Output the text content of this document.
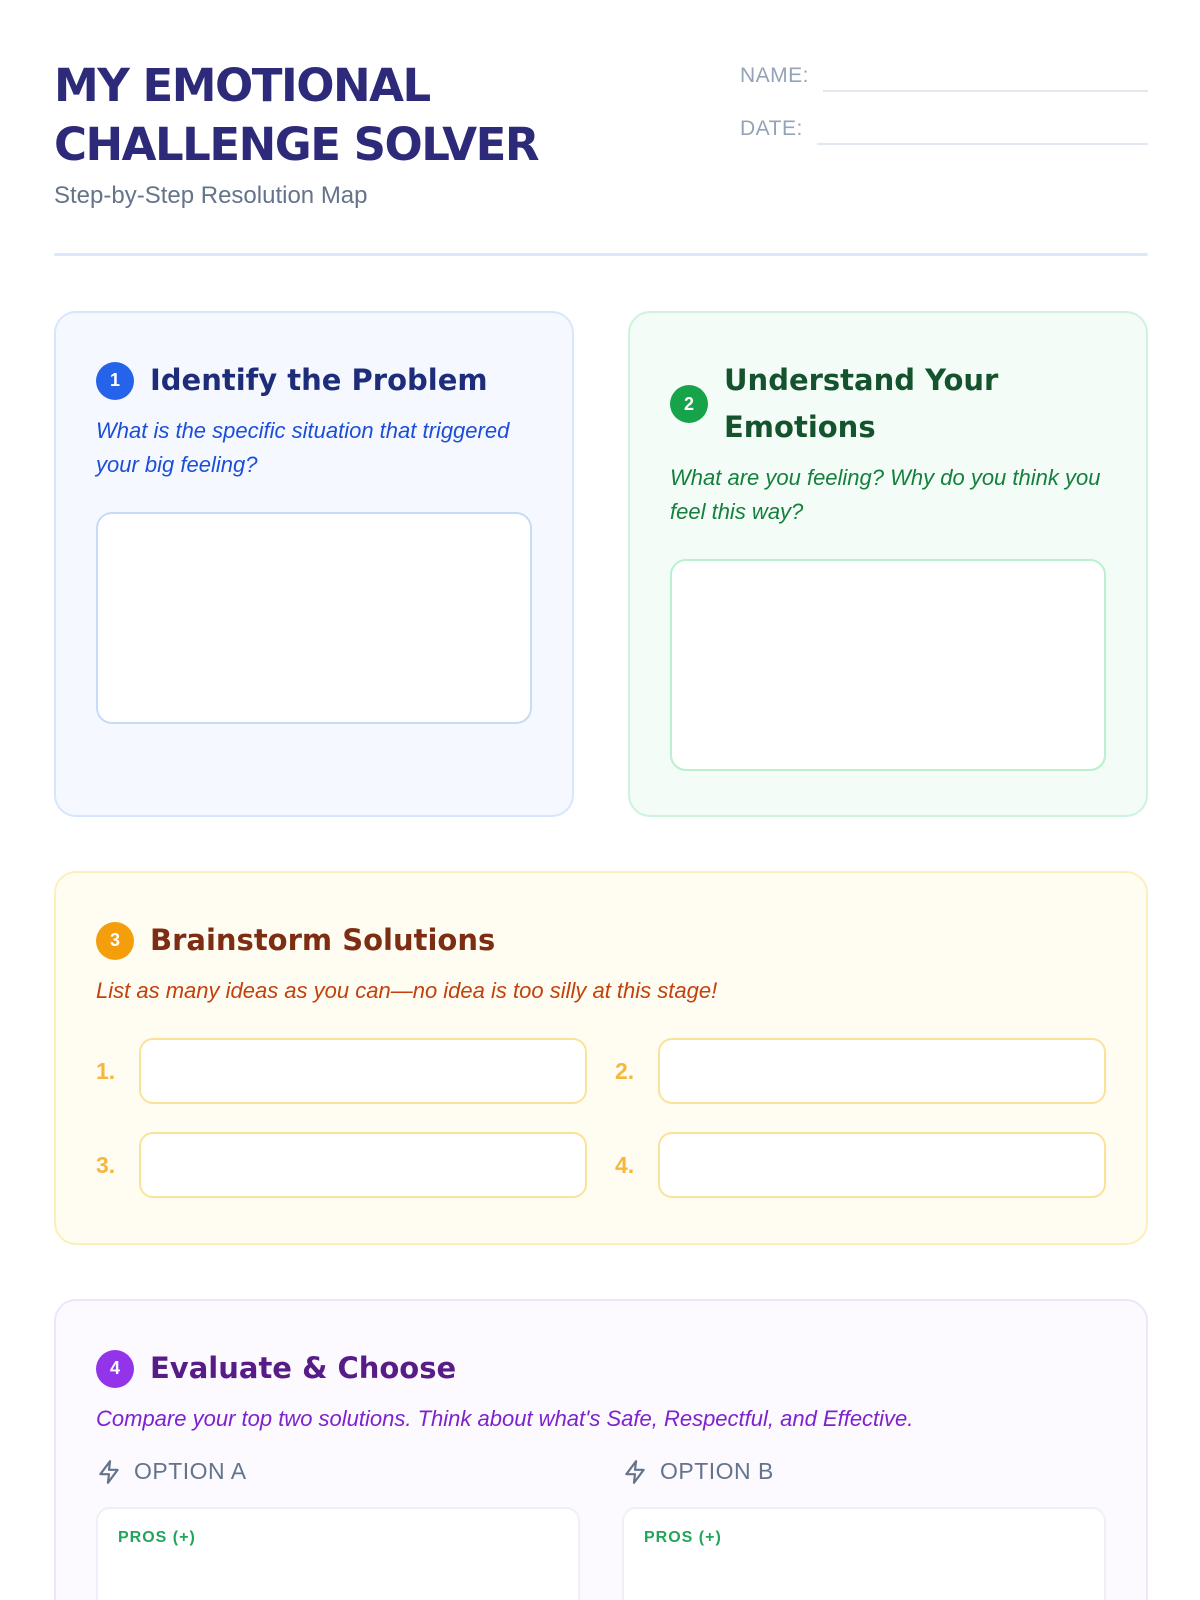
MY EMOTIONAL CHALLENGE SOLVER
Step-by-Step Resolution Map
NAME:
DATE:
1	Identify the Problem

What is the specific situation that triggered your big feeling?

2
Understand Your Emotions

What are you feeling? Why do you think you feel this way?

3	Brainstorm Solutions

List as many ideas as you can—no idea is too silly at this stage!

1.	2.
3.	4.
4	Evaluate & Choose

Compare your top two solutions. Think about what's Safe, Respectful, and Effective.

OPTION A
PROS (+)
OPTION B
PROS (+)
